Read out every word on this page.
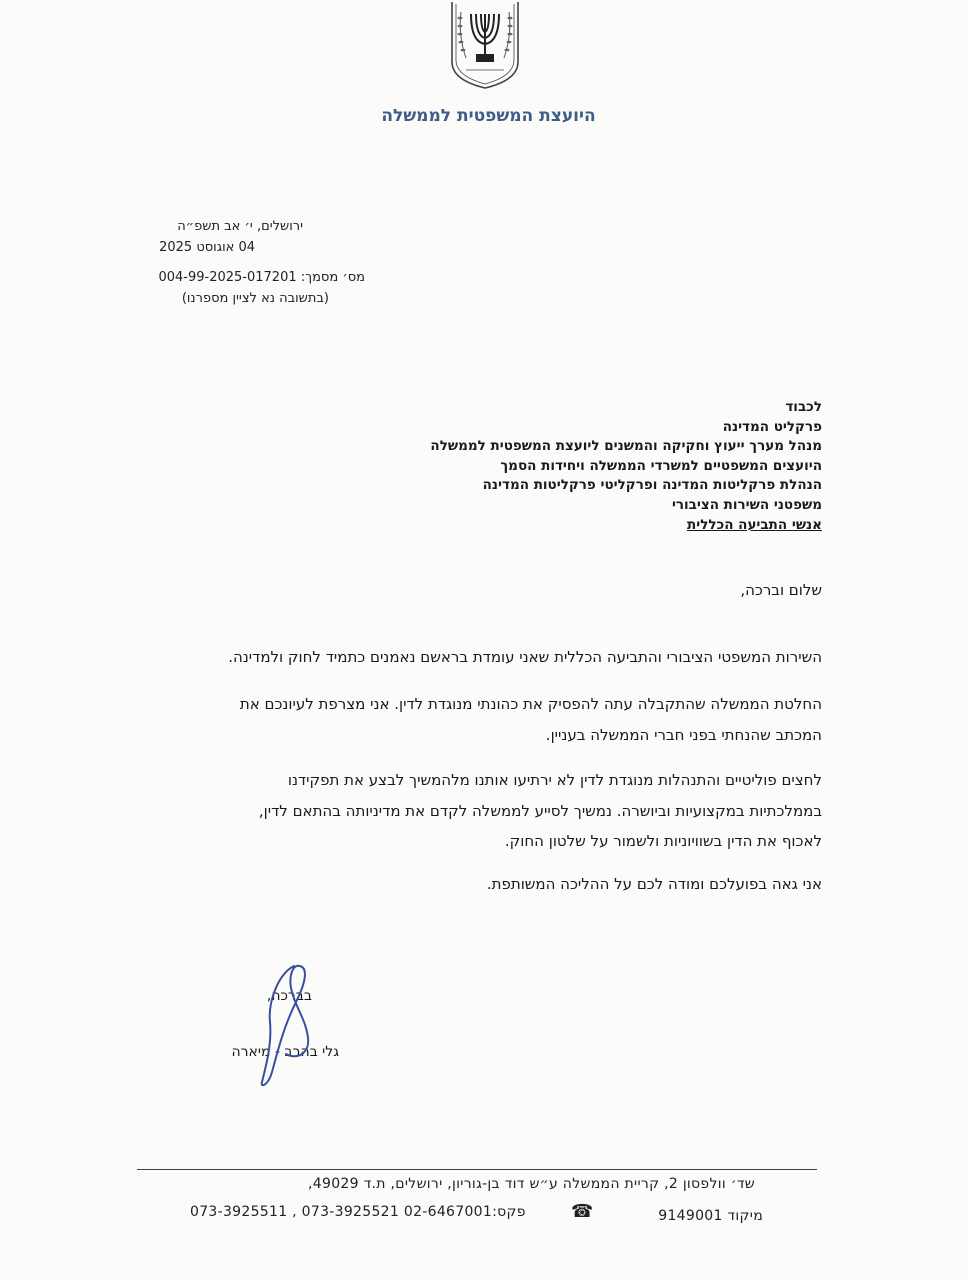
היועצת המשפטית לממשלה
ירושלים, י׳ אב תשפ״ה
04 אוגוסט 2025
מס׳ מסמך: 004-99-2025-017201
(בתשובה נא לציין מספרנו)
לכבוד
פרקליט המדינה
מנהל מערך ייעוץ וחקיקה והמשנים ליועצת המשפטית לממשלה
היועצים המשפטיים למשרדי הממשלה ויחידות הסמך
הנהלת פרקליטות המדינה ופרקליטי פרקליטות המדינה
משפטני השירות הציבורי
אנשי התביעה הכללית
שלום וברכה,
השירות המשפטי הציבורי והתביעה הכללית שאני עומדת בראשם נאמנים כתמיד לחוק ולמדינה.
החלטת הממשלה שהתקבלה עתה להפסיק את כהונתי מנוגדת לדין. אני מצרפת לעיונכם את
המכתב שהנחתי בפני חברי הממשלה בעניין.
לחצים פוליטיים והתנהלות מנוגדת לדין לא ירתיעו אותנו מלהמשיך לבצע את תפקידנו
בממלכתיות במקצועיות וביושרה. נמשיך לסייע לממשלה לקדם את מדיניותה בהתאם לדין,
לאכוף את הדין בשוויוניות ולשמור על שלטון החוק.
אני גאה בפועלכם ומודה לכם על ההליכה המשותפת.
בברכה,
גלי בהרב - מיארה
שד׳ וולפסון 2, קריית הממשלה ע״ש דוד בן-גוריון, ירושלים, ת.ד 49029,
מיקוד 9149001
☎
073-3925511 , 073-3925521 פקס:02-6467001
